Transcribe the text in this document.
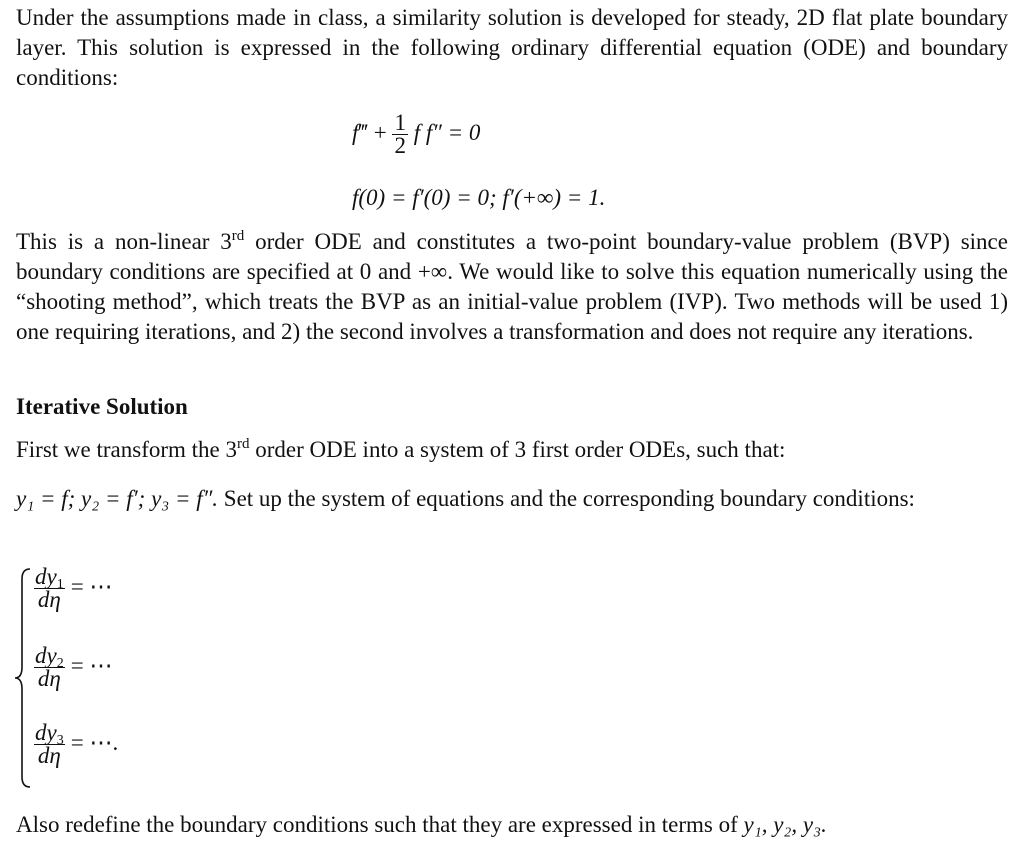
Under the assumptions made in class, a similarity solution is developed for steady, 2D flat plate boundary layer. This solution is expressed in the following ordinary differential equation (ODE) and boundary conditions:

f‴ + $\frac{1}{2}$ f f″ = 0
f(0) = f′(0) = 0; f′(+∞) = 1.

This is a non-linear 3rd order ODE and constitutes a two-point boundary-value problem (BVP) since boundary conditions are specified at 0 and +∞. We would like to solve this equation numerically using the “shooting method”, which treats the BVP as an initial-value problem (IVP). Two methods will be used 1) one requiring iterations, and 2) the second involves a transformation and does not require any iterations.

Iterative Solution

First we transform the 3rd order ODE into a system of 3 first order ODEs, such that:

y₁ = f; y₂ = f′; y₃ = f″. Set up the system of equations and the corresponding boundary conditions:

$\frac{dy_1}{d\eta}$ = ⋯
$\frac{dy_2}{d\eta}$ = ⋯
$\frac{dy_3}{d\eta}$ = ⋯.

Also redefine the boundary conditions such that they are expressed in terms of y₁, y₂, y₃.
